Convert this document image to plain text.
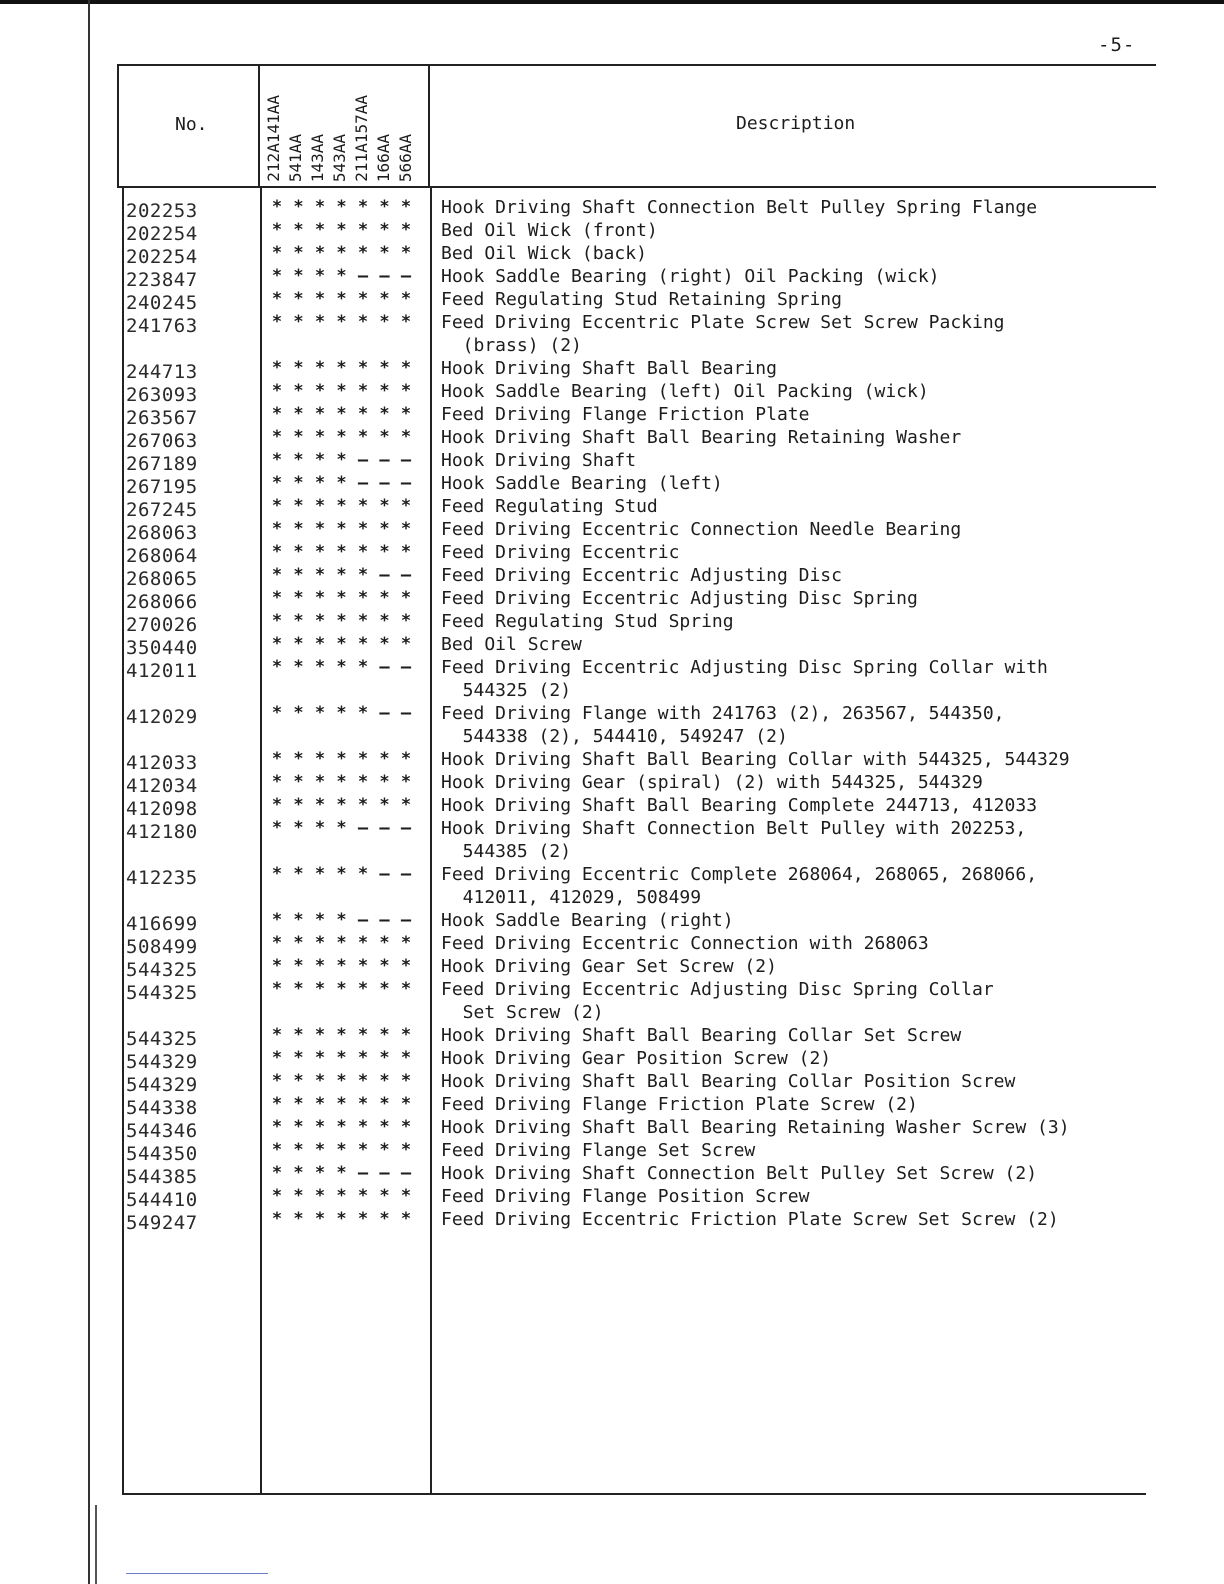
-5-
No.	Description
212A141AA 541AA 143AA 543AA 211A157AA 166AA 566AA
202253	* * * * * * * Hook Driving Shaft Connection Belt Pulley Spring Flange
202254	* * * * * * * Bed Oil Wick (front)
202254	* * * * * * * Bed Oil Wick (back)
223847	* * * * – – – Hook Saddle Bearing (right) Oil Packing (wick)
240245	* * * * * * * Feed Regulating Stud Retaining Spring
241763	* * * * * * * Feed Driving Eccentric Plate Screw Set Screw Packing
(brass) (2)
244713	* * * * * * * Hook Driving Shaft Ball Bearing
263093	* * * * * * * Hook Saddle Bearing (left) Oil Packing (wick)
263567	* * * * * * * Feed Driving Flange Friction Plate
267063	* * * * * * * Hook Driving Shaft Ball Bearing Retaining Washer
267189	* * * * – – – Hook Driving Shaft
267195	* * * * – – – Hook Saddle Bearing (left)
267245	* * * * * * * Feed Regulating Stud
268063	* * * * * * * Feed Driving Eccentric Connection Needle Bearing
268064	* * * * * * * Feed Driving Eccentric
268065	* * * * * – – Feed Driving Eccentric Adjusting Disc
268066	* * * * * * * Feed Driving Eccentric Adjusting Disc Spring
270026	* * * * * * * Feed Regulating Stud Spring
350440	* * * * * * * Bed Oil Screw
412011	* * * * * – – Feed Driving Eccentric Adjusting Disc Spring Collar with
544325 (2)
412029	* * * * * – – Feed Driving Flange with 241763 (2), 263567, 544350,
544338 (2), 544410, 549247 (2)
412033	* * * * * * * Hook Driving Shaft Ball Bearing Collar with 544325, 544329
412034	* * * * * * * Hook Driving Gear (spiral) (2) with 544325, 544329
412098	* * * * * * * Hook Driving Shaft Ball Bearing Complete 244713, 412033
412180	* * * * – – – Hook Driving Shaft Connection Belt Pulley with 202253,
544385 (2)
412235	* * * * * – – Feed Driving Eccentric Complete 268064, 268065, 268066,
412011, 412029, 508499
416699	* * * * – – – Hook Saddle Bearing (right)
508499	* * * * * * * Feed Driving Eccentric Connection with 268063
544325	* * * * * * * Hook Driving Gear Set Screw (2)
544325	* * * * * * * Feed Driving Eccentric Adjusting Disc Spring Collar
Set Screw (2)
544325	* * * * * * * Hook Driving Shaft Ball Bearing Collar Set Screw
544329	* * * * * * * Hook Driving Gear Position Screw (2)
544329	* * * * * * * Hook Driving Shaft Ball Bearing Collar Position Screw
544338	* * * * * * * Feed Driving Flange Friction Plate Screw (2)
544346	* * * * * * * Hook Driving Shaft Ball Bearing Retaining Washer Screw (3)
544350	* * * * * * * Feed Driving Flange Set Screw
544385	* * * * – – – Hook Driving Shaft Connection Belt Pulley Set Screw (2)
544410	* * * * * * * Feed Driving Flange Position Screw
549247	* * * * * * * Feed Driving Eccentric Friction Plate Screw Set Screw (2)
